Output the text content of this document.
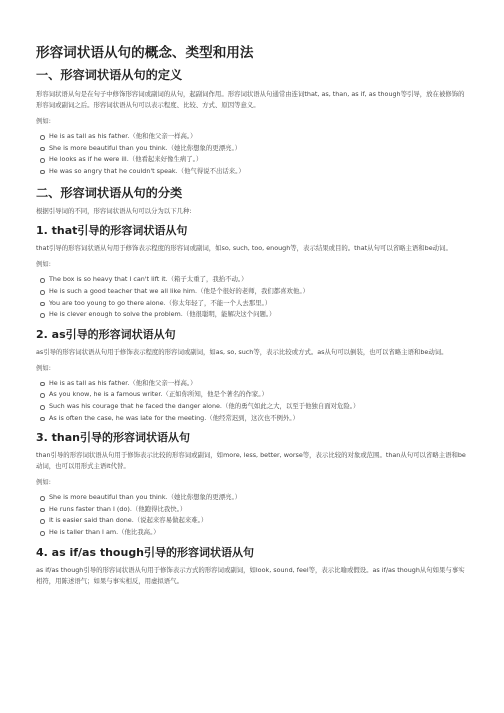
形容词状语从句的概念、类型和用法
一、形容词状语从句的定义

形容词状语从句是在句子中修饰形容词或副词的从句，起副词作用。形容词状语从句通常由连词that, as, than, as if, as though等引导，放在被修饰的形容词或副词之后。形容词状语从句可以表示程度、比较、方式、原因等意义。

例如:
He is as tall as his father.（他和他父亲一样高。）
She is more beautiful than you think.（她比你想象的更漂亮。）
He looks as if he were ill.（他看起来好像生病了。）
He was so angry that he couldn't speak.（他气得说不出话来。）
二、形容词状语从句的分类

根据引导词的不同，形容词状语从句可以分为以下几种:

1. that引导的形容词状语从句

that引导的形容词状语从句用于修饰表示程度的形容词或副词，如so, such, too, enough等，表示结果或目的。that从句可以省略主语和be动词。

例如:
The box is so heavy that I can't lift it.（箱子太重了，我抬不动。）
He is such a good teacher that we all like him.（他是个很好的老师，我们都喜欢他。）
You are too young to go there alone.（你太年轻了，不能一个人去那里。）
He is clever enough to solve the problem.（他很聪明，能解决这个问题。）
2. as引导的形容词状语从句

as引导的形容词状语从句用于修饰表示程度的形容词或副词，如as, so, such等，表示比较或方式。as从句可以倒装，也可以省略主语和be动词。

例如:
He is as tall as his father.（他和他父亲一样高。）
As you know, he is a famous writer.（正如你所知，他是个著名的作家。）
Such was his courage that he faced the danger alone.（他的勇气如此之大，以至于他独自面对危险。）
As is often the case, he was late for the meeting.（他经常迟到，这次也不例外。）
3. than引导的形容词状语从句

than引导的形容词状语从句用于修饰表示比较的形容词或副词，如more, less, better, worse等，表示比较的对象或范围。than从句可以省略主语和be动词，也可以用形式主语it代替。

例如:
She is more beautiful than you think.（她比你想象的更漂亮。）
He runs faster than I (do).（他跑得比我快。）
It is easier said than done.（说起来容易做起来难。）
He is taller than I am.（他比我高。）
4. as if/as though引导的形容词状语从句

as if/as though引导的形容词状语从句用于修饰表示方式的形容词或副词，如look, sound, feel等，表示比喻或假设。as if/as though从句如果与事实相符，用陈述语气；如果与事实相反，用虚拟语气。
